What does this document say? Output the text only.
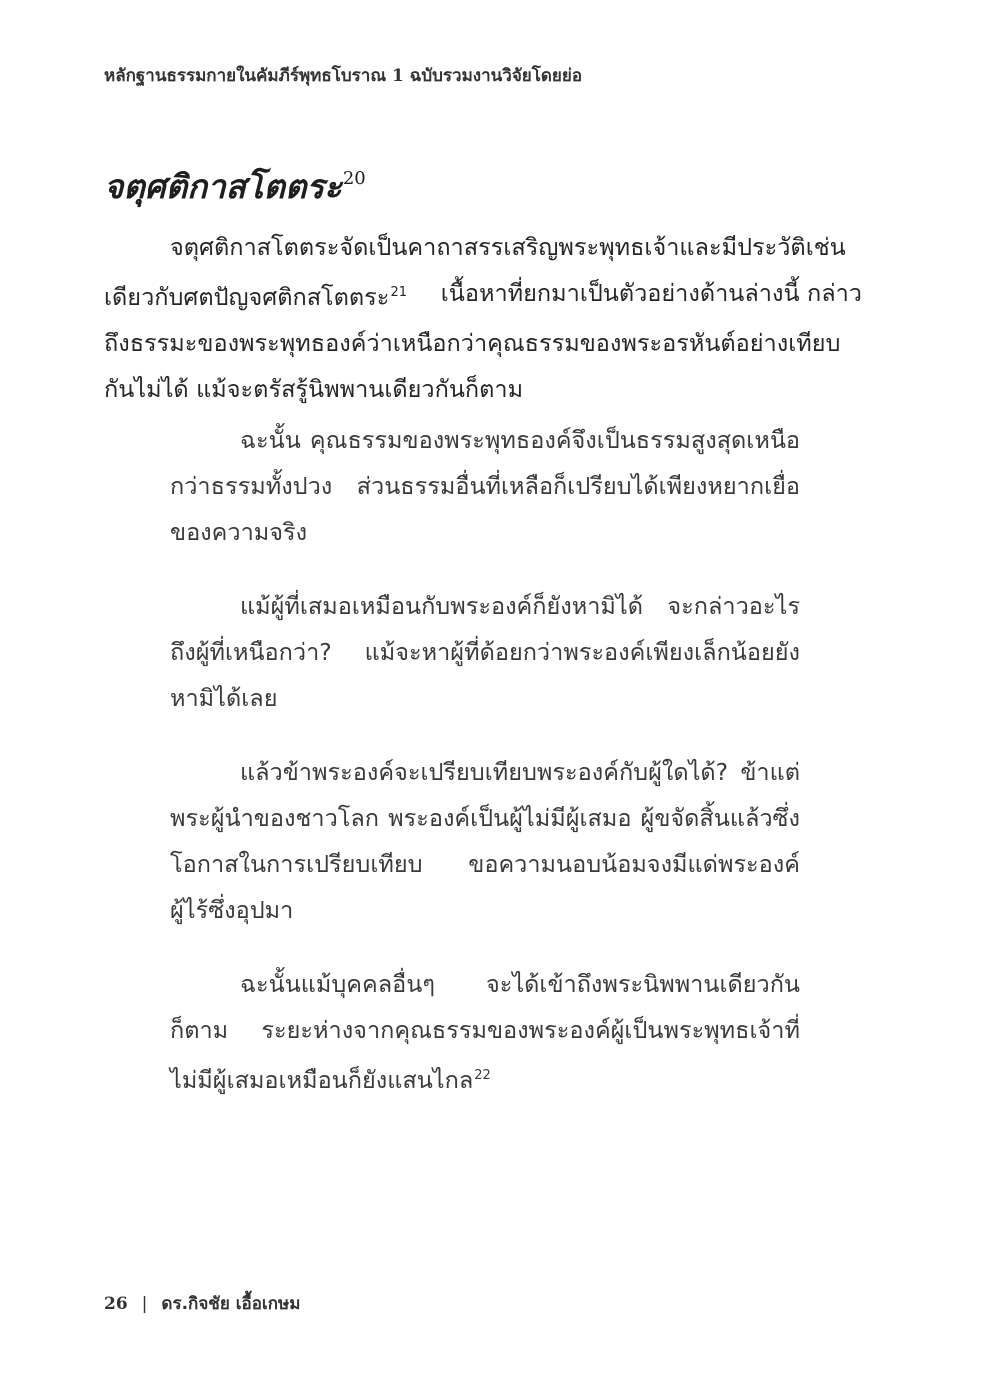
หลักฐานธรรมกายในคัมภีร์พุทธโบราณ 1 ฉบับรวมงานวิจัยโดยย่อ
จตุศติกาสโตตระ$^{20}$
จตุศติกาสโตตระจัดเป็นคาถาสรรเสริญพระพุทธเจ้าและมีประวัติเช่น
เดียวกับศตปัญจศติกสโตตระ$^{21}$ เนื้อหาที่ยกมาเป็นตัวอย่างด้านล่างนี้ กล่าว
ถึงธรรมะของพระพุทธองค์ว่าเหนือกว่าคุณธรรมของพระอรหันต์อย่างเทียบ
กันไม่ได้ แม้จะตรัสรู้นิพพานเดียวกันก็ตาม
ฉะนั้น คุณธรรมของพระพุทธองค์จึงเป็นธรรมสูงสุดเหนือ
กว่าธรรมทั้งปวง ส่วนธรรมอื่นที่เหลือก็เปรียบได้เพียงหยากเยื่อ
ของความจริง
แม้ผู้ที่เสมอเหมือนกับพระองค์ก็ยังหามิได้ จะกล่าวอะไร
ถึงผู้ที่เหนือกว่า? แม้จะหาผู้ที่ด้อยกว่าพระองค์เพียงเล็กน้อยยัง
หามิได้เลย
แล้วข้าพระองค์จะเปรียบเทียบพระองค์กับผู้ใดได้? ข้าแต่
พระผู้นำของชาวโลก พระองค์เป็นผู้ไม่มีผู้เสมอ ผู้ขจัดสิ้นแล้วซึ่ง
โอกาสในการเปรียบเทียบ ขอความนอบน้อมจงมีแด่พระองค์
ผู้ไร้ซึ่งอุปมา
ฉะนั้นแม้บุคคลอื่นๆ จะได้เข้าถึงพระนิพพานเดียวกัน
ก็ตาม ระยะห่างจากคุณธรรมของพระองค์ผู้เป็นพระพุทธเจ้าที่
ไม่มีผู้เสมอเหมือนก็ยังแสนไกล$^{22}$
26 | ดร.กิจชัย เอื้อเกษม
